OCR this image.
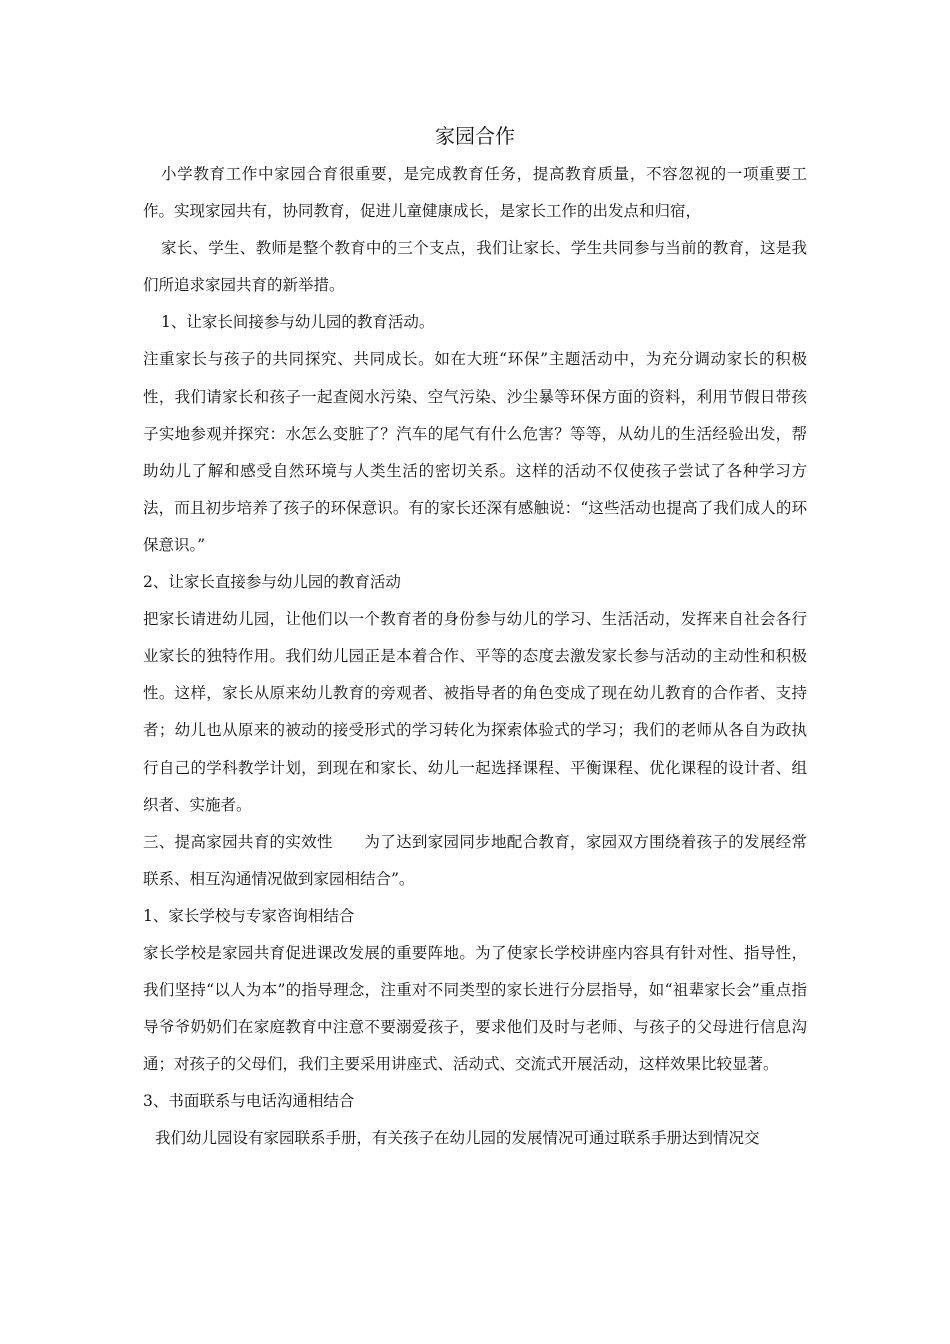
家园合作

小学教育工作中家园合育很重要，是完成教育任务，提高教育质量，不容忽视的一项重要工作。实现家园共有，协同教育，促进儿童健康成长，是家长工作的出发点和归宿，

家长、学生、教师是整个教育中的三个支点，我们让家长、学生共同参与当前的教育，这是我们所追求家园共育的新举措。

1、让家长间接参与幼儿园的教育活动。

注重家长与孩子的共同探究、共同成长。如在大班“环保”主题活动中，为充分调动家长的积极性，我们请家长和孩子一起查阅水污染、空气污染、沙尘暴等环保方面的资料，利用节假日带孩子实地参观并探究：水怎么变脏了？汽车的尾气有什么危害？等等，从幼儿的生活经验出发，帮助幼儿了解和感受自然环境与人类生活的密切关系。这样的活动不仅使孩子尝试了各种学习方法，而且初步培养了孩子的环保意识。有的家长还深有感触说：“这些活动也提高了我们成人的环保意识。”

2、让家长直接参与幼儿园的教育活动

把家长请进幼儿园，让他们以一个教育者的身份参与幼儿的学习、生活活动，发挥来自社会各行业家长的独特作用。我们幼儿园正是本着合作、平等的态度去激发家长参与活动的主动性和积极性。这样，家长从原来幼儿教育的旁观者、被指导者的角色变成了现在幼儿教育的合作者、支持者；幼儿也从原来的被动的接受形式的学习转化为探索体验式的学习；我们的老师从各自为政执行自己的学科教学计划，到现在和家长、幼儿一起选择课程、平衡课程、优化课程的设计者、组织者、实施者。

三、提高家园共育的实效性　　为了达到家园同步地配合教育，家园双方围绕着孩子的发展经常联系、相互沟通情况做到家园相结合”。

1、家长学校与专家咨询相结合

家长学校是家园共育促进课改发展的重要阵地。为了使家长学校讲座内容具有针对性、指导性，我们坚持“以人为本”的指导理念，注重对不同类型的家长进行分层指导，如“祖辈家长会”重点指导爷爷奶奶们在家庭教育中注意不要溺爱孩子，要求他们及时与老师、与孩子的父母进行信息沟通；对孩子的父母们，我们主要采用讲座式、活动式、交流式开展活动，这样效果比较显著。

3、书面联系与电话沟通相结合

我们幼儿园设有家园联系手册，有关孩子在幼儿园的发展情况可通过联系手册达到情况交
